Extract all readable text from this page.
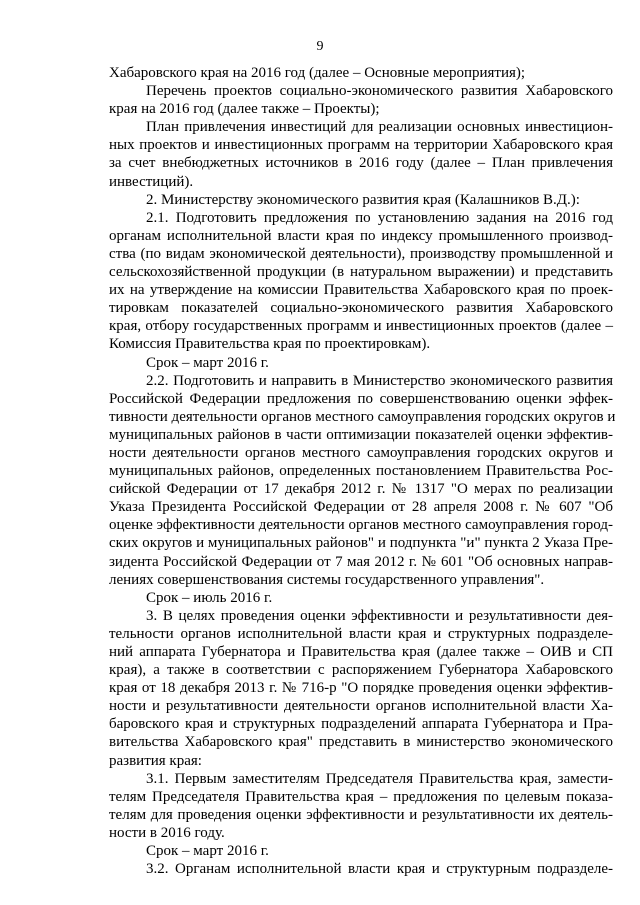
9
Хабаровского края на 2016 год (далее – Основные мероприятия);
Перечень проектов социально-экономического развития Хабаровского
края на 2016 год (далее также – Проекты);
План привлечения инвестиций для реализации основных инвестицион-
ных проектов и инвестиционных программ на территории Хабаровского края
за счет внебюджетных источников в 2016 году (далее – План привлечения
инвестиций).
2. Министерству экономического развития края (Калашников В.Д.):
2.1. Подготовить предложения по установлению задания на 2016 год
органам исполнительной власти края по индексу промышленного производ-
ства (по видам экономической деятельности), производству промышленной и
сельскохозяйственной продукции (в натуральном выражении) и представить
их на утверждение на комиссии Правительства Хабаровского края по проек-
тировкам показателей социально-экономического развития Хабаровского
края, отбору государственных программ и инвестиционных проектов (далее –
Комиссия Правительства края по проектировкам).
Срок – март 2016 г.
2.2. Подготовить и направить в Министерство экономического развития
Российской Федерации предложения по совершенствованию оценки эффек-
тивности деятельности органов местного самоуправления городских округов и
муниципальных районов в части оптимизации показателей оценки эффектив-
ности деятельности органов местного самоуправления городских округов и
муниципальных районов, определенных постановлением Правительства Рос-
сийской Федерации от 17 декабря 2012 г. № 1317 "О мерах по реализации
Указа Президента Российской Федерации от 28 апреля 2008 г. № 607 "Об
оценке эффективности деятельности органов местного самоуправления город-
ских округов и муниципальных районов" и подпункта "и" пункта 2 Указа Пре-
зидента Российской Федерации от 7 мая 2012 г. № 601 "Об основных направ-
лениях совершенствования системы государственного управления".
Срок – июль 2016 г.
3. В целях проведения оценки эффективности и результативности дея-
тельности органов исполнительной власти края и структурных подразделе-
ний аппарата Губернатора и Правительства края (далее также – ОИВ и СП
края), а также в соответствии с распоряжением Губернатора Хабаровского
края от 18 декабря 2013 г. № 716-р "О порядке проведения оценки эффектив-
ности и результативности деятельности органов исполнительной власти Ха-
баровского края и структурных подразделений аппарата Губернатора и Пра-
вительства Хабаровского края" представить в министерство экономического
развития края:
3.1. Первым заместителям Председателя Правительства края, замести-
телям Председателя Правительства края – предложения по целевым показа-
телям для проведения оценки эффективности и результативности их деятель-
ности в 2016 году.
Срок – март 2016 г.
3.2. Органам исполнительной власти края и структурным подразделе-
